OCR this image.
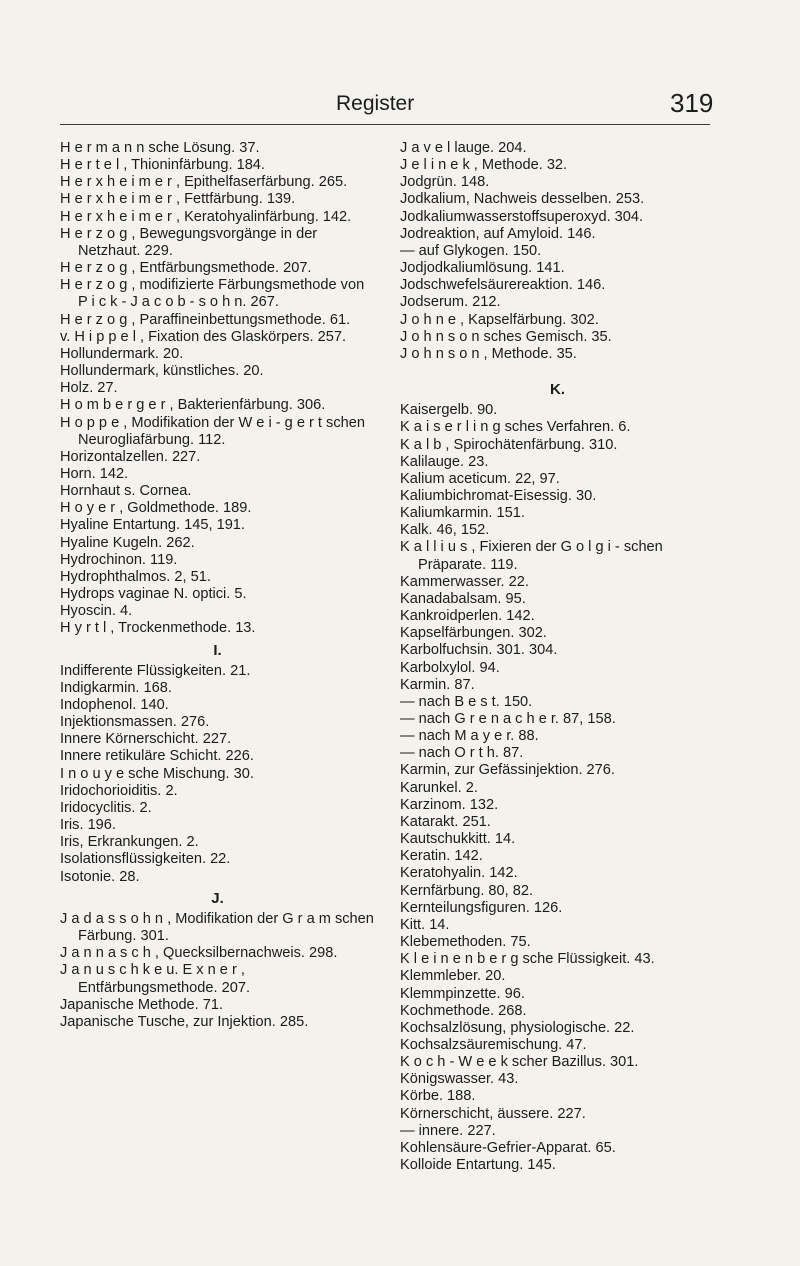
Register	319
H e r m a n n sche Lösung. 37.
H e r t e l , Thioninfärbung. 184.
H e r x h e i m e r , Epithelfaserfärbung. 265.
H e r x h e i m e r , Fettfärbung. 139.
H e r x h e i m e r , Keratohyalinfärbung. 142.
H e r z o g , Bewegungsvorgänge in der Netzhaut. 229.
H e r z o g , Entfärbungsmethode. 207.
H e r z o g , modifizierte Färbungsmethode von P i c k - J a c o b - s o h n. 267.
H e r z o g , Paraffineinbettungsmethode. 61.
v. H i p p e l , Fixation des Glaskörpers. 257.
Hollundermark. 20.
Hollundermark, künstliches. 20.
Holz. 27.
H o m b e r g e r , Bakterienfärbung. 306.
H o p p e , Modifikation der W e i - g e r t schen Neurogliafärbung. 112.
Horizontalzellen. 227.
Horn. 142.
Hornhaut s. Cornea.
H o y e r , Goldmethode. 189.
Hyaline Entartung. 145, 191.
Hyaline Kugeln. 262.
Hydrochinon. 119.
Hydrophthalmos. 2, 51.
Hydrops vaginae N. optici. 5.
Hyoscin. 4.
H y r t l , Trockenmethode. 13.
I.
Indifferente Flüssigkeiten. 21.
Indigkarmin. 168.
Indophenol. 140.
Injektionsmassen. 276.
Innere Körnerschicht. 227.
Innere retikuläre Schicht. 226.
I n o u y e sche Mischung. 30.
Iridochorioiditis. 2.
Iridocyclitis. 2.
Iris. 196.
Iris, Erkrankungen. 2.
Isolationsflüssigkeiten. 22.
Isotonie. 28.
J.
J a d a s s o h n , Modifikation der G r a m schen Färbung. 301.
J a n n a s c h , Quecksilbernachweis. 298.
J a n u s c h k e u. E x n e r , Entfärbungsmethode. 207.
Japanische Methode. 71.
Japanische Tusche, zur Injektion. 285.
J a v e l lauge. 204.
J e l i n e k , Methode. 32.
Jodgrün. 148.
Jodkalium, Nachweis desselben. 253.
Jodkaliumwasserstoffsuperoxyd. 304.
Jodreaktion, auf Amyloid. 146.
— auf Glykogen. 150.
Jodjodkaliumlösung. 141.
Jodschwefelsäurereaktion. 146.
Jodserum. 212.
J o h n e , Kapselfärbung. 302.
J o h n s o n sches Gemisch. 35.
J o h n s o n , Methode. 35.
K.
Kaisergelb. 90.
K a i s e r l i n g sches Verfahren. 6.
K a l b , Spirochätenfärbung. 310.
Kalilauge. 23.
Kalium aceticum. 22, 97.
Kaliumbichromat-Eisessig. 30.
Kaliumkarmin. 151.
Kalk. 46, 152.
K a l l i u s , Fixieren der G o l g i - schen Präparate. 119.
Kammerwasser. 22.
Kanadabalsam. 95.
Kankroidperlen. 142.
Kapselfärbungen. 302.
Karbolfuchsin. 301. 304.
Karbolxylol. 94.
Karmin. 87.
— nach B e s t. 150.
— nach G r e n a c h e r. 87, 158.
— nach M a y e r. 88.
— nach O r t h. 87.
Karmin, zur Gefässinjektion. 276.
Karunkel. 2.
Karzinom. 132.
Katarakt. 251.
Kautschukkitt. 14.
Keratin. 142.
Keratohyalin. 142.
Kernfärbung. 80, 82.
Kernteilungsfiguren. 126.
Kitt. 14.
Klebemethoden. 75.
K l e i n e n b e r g sche Flüssigkeit. 43.
Klemmleber. 20.
Klemmpinzette. 96.
Kochmethode. 268.
Kochsalzlösung, physiologische. 22.
Kochsalzsäuremischung. 47.
K o c h - W e e k scher Bazillus. 301.
Königswasser. 43.
Körbe. 188.
Körnerschicht, äussere. 227.
— innere. 227.
Kohlensäure-Gefrier-Apparat. 65.
Kolloide Entartung. 145.
